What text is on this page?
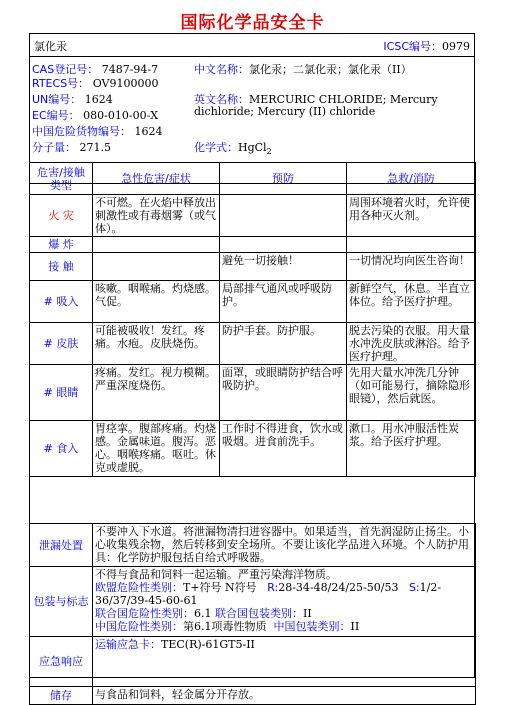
国际化学品安全卡
氯化汞	ICSC编号：0979
CAS登记号： 7487-94-7
RTECS号： OV9100000
UN编号： 1624
EC编号： 080-010-00-X
中国危险货物编号： 1624
分子量： 271.5
中文名称：氯化汞；二氯化汞；氯化汞（II）
英文名称：MERCURIC CHLORIDE; Mercury
dichloride; Mercury (II) chloride
化学式：HgCl$_2$
危害/接触类型	急性危害/症状	预防	急救/消防
火 灾	不可燃。在火焰中释放出刺激性或有毒烟雾（或气体）。		周围环境着火时，允许使用各种灭火剂。
爆 炸			
接 触		避免一切接触！	一切情况均向医生咨询！
# 吸入	咳嗽。咽喉痛。灼烧感。气促。	局部排气通风或呼吸防护。	新鲜空气，休息。半直立体位。给予医疗护理。
# 皮肤	可能被吸收！发红。疼痛。水疱。皮肤烧伤。	防护手套。防护服。	脱去污染的衣服。用大量水冲洗皮肤或淋浴。给予医疗护理。
# 眼睛	疼痛。发红。视力模糊。严重深度烧伤。	面罩，或眼睛防护结合呼吸防护。	先用大量水冲洗几分钟（如可能易行，摘除隐形眼镜），然后就医。
# 食入	胃痉挛。腹部疼痛。灼烧感。金属味道。腹泻。恶心。咽喉疼痛。呕吐。休克或虚脱。	工作时不得进食，饮水或吸烟。进食前洗手。	漱口。用水冲服活性炭浆。给予医疗护理。
泄漏处置	不要冲入下水道。将泄漏物清扫进容器中。如果适当，首先润湿防止扬尘。小心收集残余物，然后转移到安全场所。不要让该化学品进入环境。个人防护用具：化学防护服包括自给式呼吸器。
包装与标志	不得与食品和饲料一起运输。严重污染海洋物质。
欧盟危险性类别：T+符号 N符号 R:28-34-48/24/25-50/53 S:1/2-36/37/39-45-60-61
联合国危险性类别：6.1 联合国包装类别：II
中国危险性类别：第6.1项毒性物质 中国包装类别：II

应急响应	运输应急卡：TEC(R)-61GT5-II
储存	与食品和饲料，轻金属分开存放。
